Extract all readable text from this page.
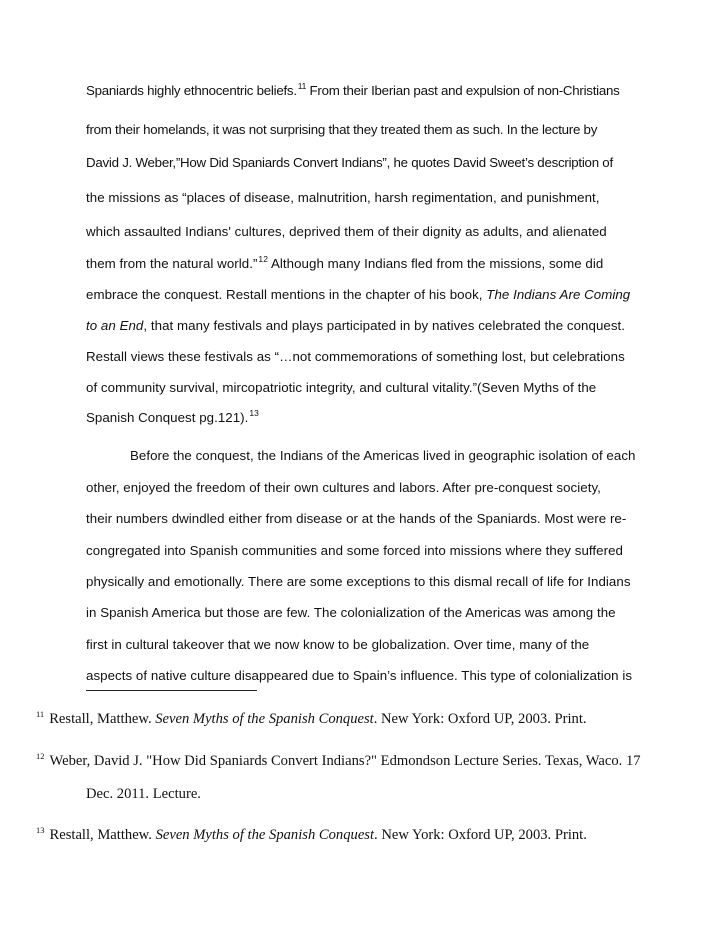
Spaniards highly ethnocentric beliefs.$^{11}$ From their Iberian past and expulsion of non-Christians
from their homelands, it was not surprising that they treated them as such. In the lecture by
David J. Weber,”How Did Spaniards Convert Indians”, he quotes David Sweet’s description of
the missions as “places of disease, malnutrition, harsh regimentation, and punishment,
which assaulted Indians' cultures, deprived them of their dignity as adults, and alienated
them from the natural world.”$^{12}$ Although many Indians fled from the missions, some did
embrace the conquest. Restall mentions in the chapter of his book, The Indians Are Coming
to an End, that many festivals and plays participated in by natives celebrated the conquest.
Restall views these festivals as “…not commemorations of something lost, but celebrations
of community survival, mircopatriotic integrity, and cultural vitality.”(Seven Myths of the
Spanish Conquest pg.121).$^{13}$
Before the conquest, the Indians of the Americas lived in geographic isolation of each
other, enjoyed the freedom of their own cultures and labors. After pre-conquest society,
their numbers dwindled either from disease or at the hands of the Spaniards. Most were re-
congregated into Spanish communities and some forced into missions where they suffered
physically and emotionally. There are some exceptions to this dismal recall of life for Indians
in Spanish America but those are few. The colonialization of the Americas was among the
first in cultural takeover that we now know to be globalization. Over time, many of the
aspects of native culture disappeared due to Spain’s influence. This type of colonialization is
$^{11}$ Restall, Matthew. Seven Myths of the Spanish Conquest. New York: Oxford UP, 2003. Print.
$^{12}$ Weber, David J. "How Did Spaniards Convert Indians?" Edmondson Lecture Series. Texas, Waco. 17
Dec. 2011. Lecture.
$^{13}$ Restall, Matthew. Seven Myths of the Spanish Conquest. New York: Oxford UP, 2003. Print.
